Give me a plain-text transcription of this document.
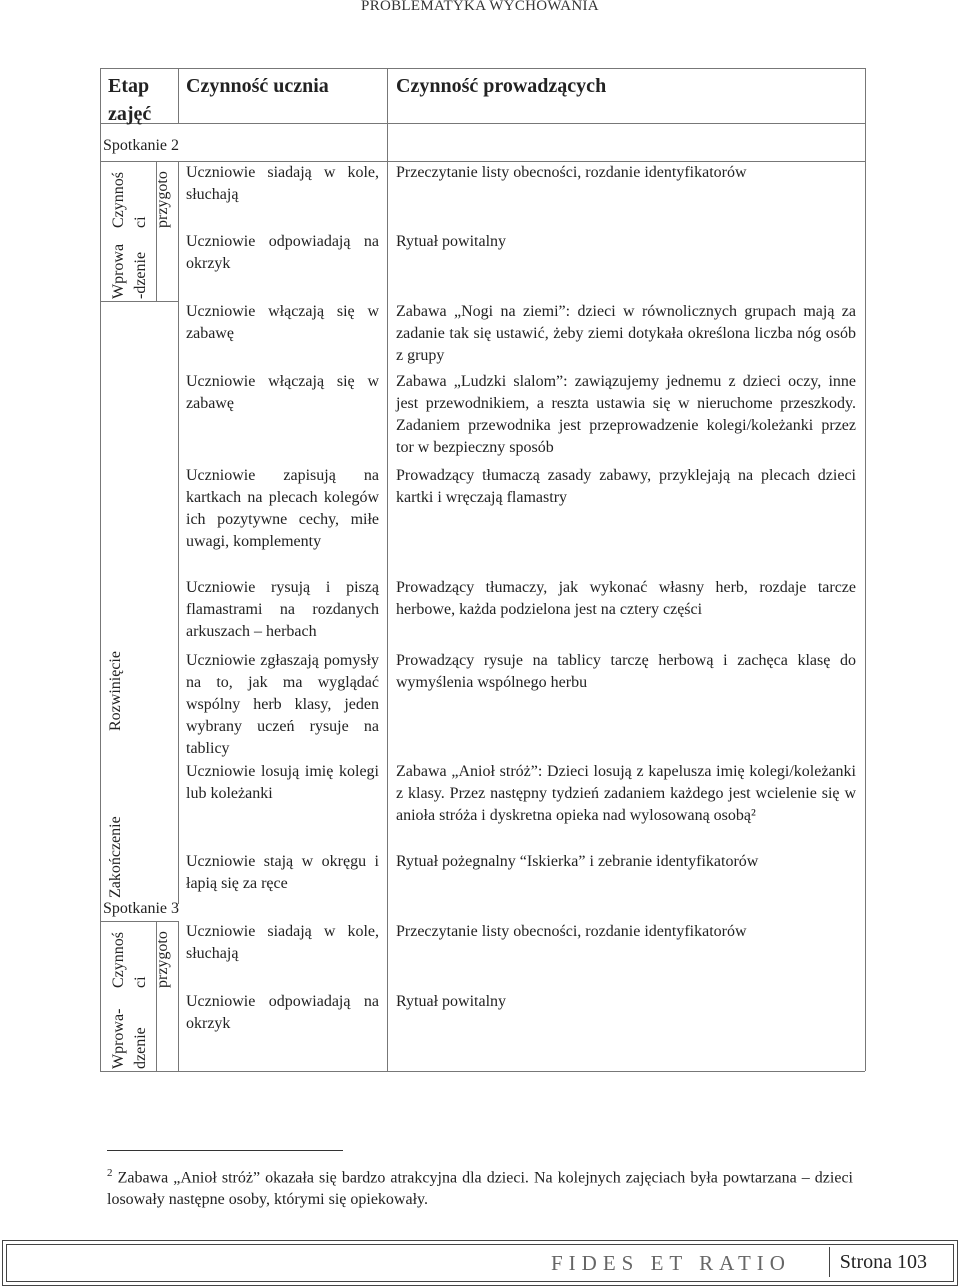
PROBLEMATYKA WYCHOWANIA
Etap zajęć
Czynność ucznia	Czynność prowadzących
Spotkanie 2
Wprowa
-dzenie
Czynnoś
ci
przygoto
Rozwinięcie
Zakończenie
Uczniowie siadają w kole, słuchają
Przeczytanie listy obecności, rozdanie identyfikatorów
Uczniowie odpowiadają na okrzyk
Rytuał powitalny
Uczniowie włączają się w zabawę
Zabawa „Nogi na ziemi”: dzieci w równolicznych grupach mają za zadanie tak się ustawić, żeby ziemi dotykała określona liczba nóg osób z grupy
Uczniowie włączają się w zabawę
Zabawa „Ludzki slalom”: zawiązujemy jednemu z dzieci oczy, inne jest przewodnikiem, a reszta ustawia się w nieruchome przeszkody. Zadaniem przewodnika jest przeprowadzenie kolegi/koleżanki przez tor w bezpieczny sposób
Uczniowie zapisują na kartkach na plecach kolegów ich pozytywne cechy, miłe uwagi, komplementy
Prowadzący tłumaczą zasady zabawy, przyklejają na plecach dzieci kartki i wręczają flamastry
Uczniowie rysują i piszą flamastrami na rozdanych arkuszach – herbach
Prowadzący tłumaczy, jak wykonać własny herb, rozdaje tarcze herbowe, każda podzielona jest na cztery części
Uczniowie zgłaszają pomysły na to, jak ma wyglądać wspólny herb klasy, jeden wybrany uczeń rysuje na tablicy
Prowadzący rysuje na tablicy tarczę herbową i zachęca klasę do wymyślenia wspólnego herbu
Uczniowie losują imię kolegi lub koleżanki
Zabawa „Anioł stróż”: Dzieci losują z kapelusza imię kolegi/koleżanki z klasy. Przez następny tydzień zadaniem każdego jest wcielenie się w anioła stróża i dyskretna opieka nad wylosowaną osobą²
Uczniowie stają w okręgu i łapią się za ręce
Rytuał pożegnalny “Iskierka” i zebranie identyfikatorów
Spotkanie 3
Wprowa-
dzenie
Czynnoś
ci
przygoto Uczniowie siadają w kole, słuchają
Przeczytanie listy obecności, rozdanie identyfikatorów
Uczniowie odpowiadają na okrzyk
Rytuał powitalny
$^2$ Zabawa „Anioł stróż” okazała się bardzo atrakcyjna dla dzieci. Na kolejnych zajęciach była powtarzana – dzieci losowały następne osoby, którymi się opiekowały.
FIDES ET RATIO	Strona 103
